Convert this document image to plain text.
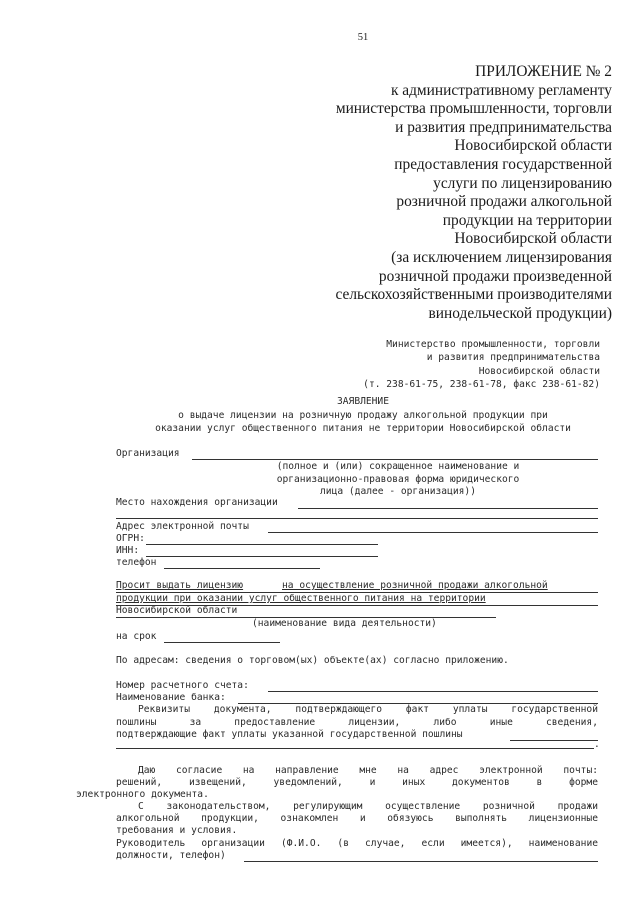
51
ПРИЛОЖЕНИЕ № 2
к административному регламенту
министерства промышленности, торговли
и развития предпринимательства
Новосибирской области
предоставления государственной
услуги по лицензированию
розничной продажи алкогольной
продукции на территории
Новосибирской области
(за исключением лицензирования
розничной продажи произведенной
сельскохозяйственными производителями
винодельческой продукции)
Министерство промышленности, торговли
и развития предпринимательства
Новосибирской области
(т. 238-61-75, 238-61-78, факс 238-61-82)
ЗАЯВЛЕНИЕ
о выдаче лицензии на розничную продажу алкогольной продукции при
оказании услуг общественного питания не территории Новосибирской области
Организация
(полное и (или) сокращенное наименование и
организационно-правовая форма юридического
лица (далее - организация))
Место нахождения организации
Адрес электронной почты
ОГРН:
ИНН:
телефон
Просит выдать лицензию	на осуществление розничной продажи алкогольной
продукции при оказании услуг общественного питания на территории
Новосибирской области
(наименование вида деятельности)
на срок
По адресам: сведения о торговом(ых) объекте(ах) согласно приложению.
Номер расчетного счета:
Наименование банка:
Реквизиты документа, подтверждающего факт уплаты государственной
пошлины за предоставление лицензии, либо иные сведения,
подтверждающие факт уплаты указанной государственной пошлины
.
Даю согласие на направление мне на адрес электронной почты:
решений, извещений, уведомлений, и иных документов в форме
электронного документа.
С законодательством, регулирующим осуществление розничной продажи
алкогольной продукции, ознакомлен и обязуюсь выполнять лицензионные
требования и условия.
Руководитель организации (Ф.И.О. (в случае, если имеется), наименование
должности, телефон)
